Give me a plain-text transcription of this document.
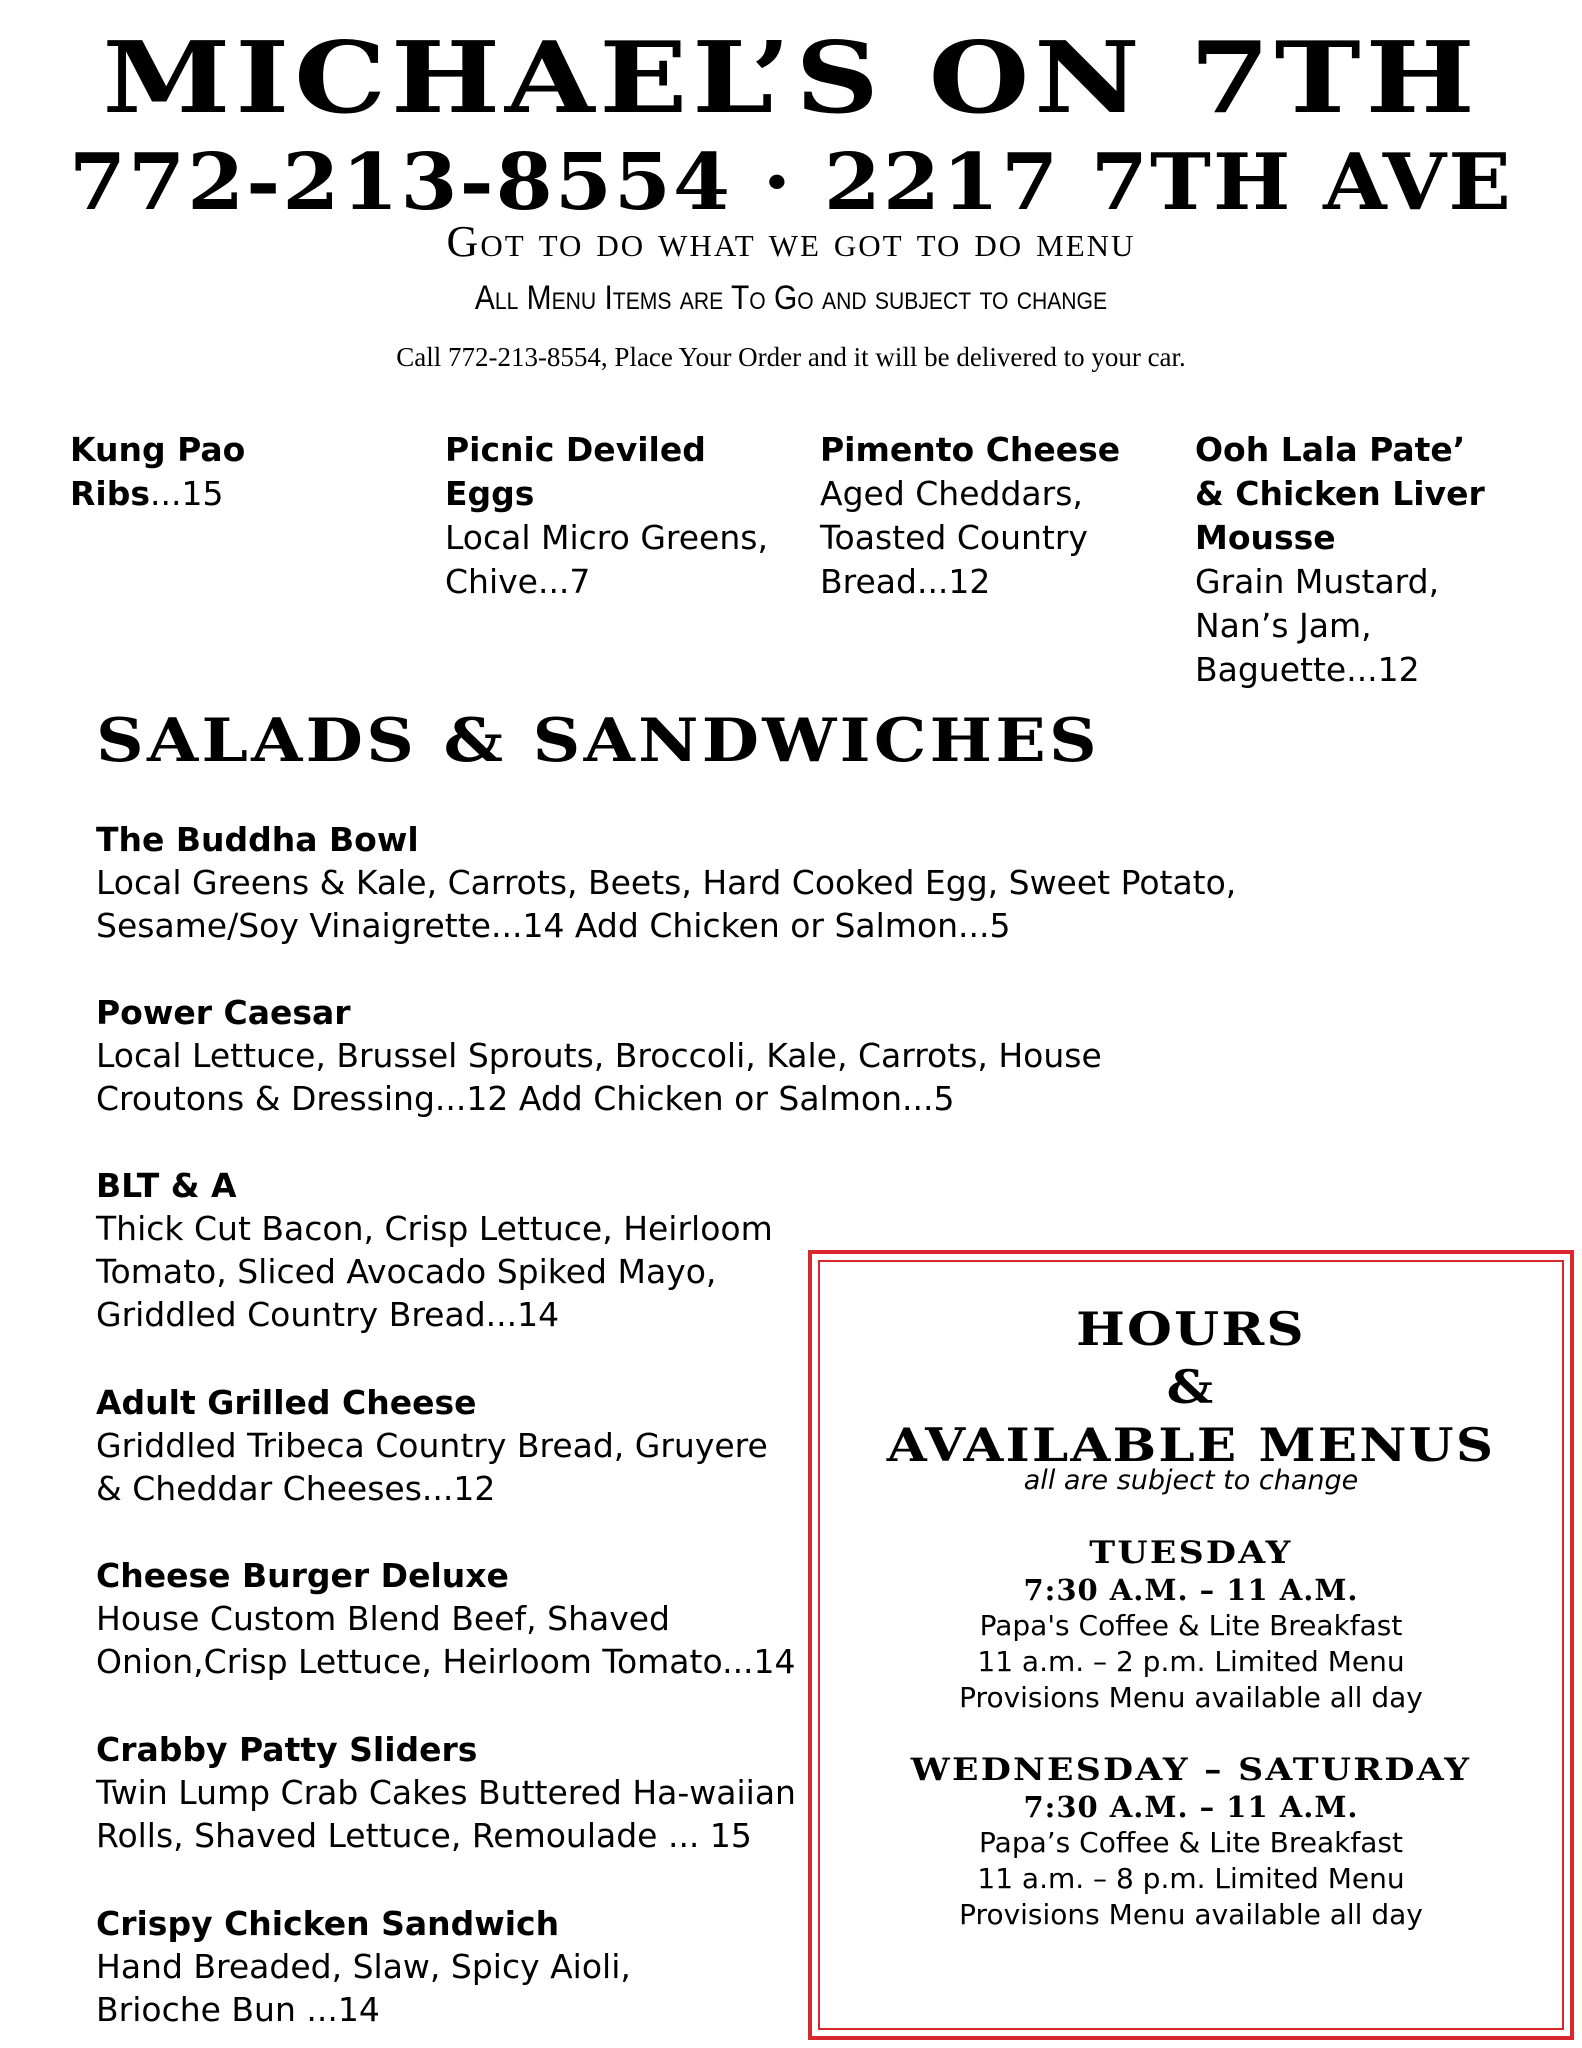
MICHAEL’S ON 7TH
772-213-8554 · 2217 7TH AVE
Got to do what we got to do menu
All Menu Items are To Go and subject to change
Call 772-213-8554, Place Your Order and it will be delivered to your car.
Kung Pao
Ribs...15
Picnic Deviled Eggs
Local Micro Greens,
Chive...7
Pimento Cheese
Aged Cheddars,
Toasted Country
Bread...12
Ooh Lala Pate’
& Chicken Liver
Mousse
Grain Mustard,
Nan’s Jam,
Baguette...12
SALADS & SANDWICHES
The Buddha Bowl
Local Greens & Kale, Carrots, Beets, Hard Cooked Egg, Sweet Potato,
Sesame/Soy Vinaigrette...14 Add Chicken or Salmon...5
Power Caesar
Local Lettuce, Brussel Sprouts, Broccoli, Kale, Carrots, House
Croutons & Dressing...12 Add Chicken or Salmon...5
BLT & A
Thick Cut Bacon, Crisp Lettuce, Heirloom
Tomato, Sliced Avocado Spiked Mayo,
Griddled Country Bread...14
Adult Grilled Cheese
Griddled Tribeca Country Bread, Gruyere
& Cheddar Cheeses...12
Cheese Burger Deluxe
House Custom Blend Beef, Shaved
Onion,Crisp Lettuce, Heirloom Tomato...14
Crabby Patty Sliders
Twin Lump Crab Cakes Buttered Ha-waiian
Rolls, Shaved Lettuce, Remoulade ... 15
Crispy Chicken Sandwich
Hand Breaded, Slaw, Spicy Aioli,
Brioche Bun ...14
HOURS
&
AVAILABLE MENUS
all are subject to change
TUESDAY
7:30 A.M. – 11 A.M.
Papa's Coffee & Lite Breakfast
11 a.m. – 2 p.m. Limited Menu
Provisions Menu available all day
WEDNESDAY – SATURDAY
7:30 A.M. – 11 A.M.
Papa’s Coffee & Lite Breakfast
11 a.m. – 8 p.m. Limited Menu
Provisions Menu available all day
